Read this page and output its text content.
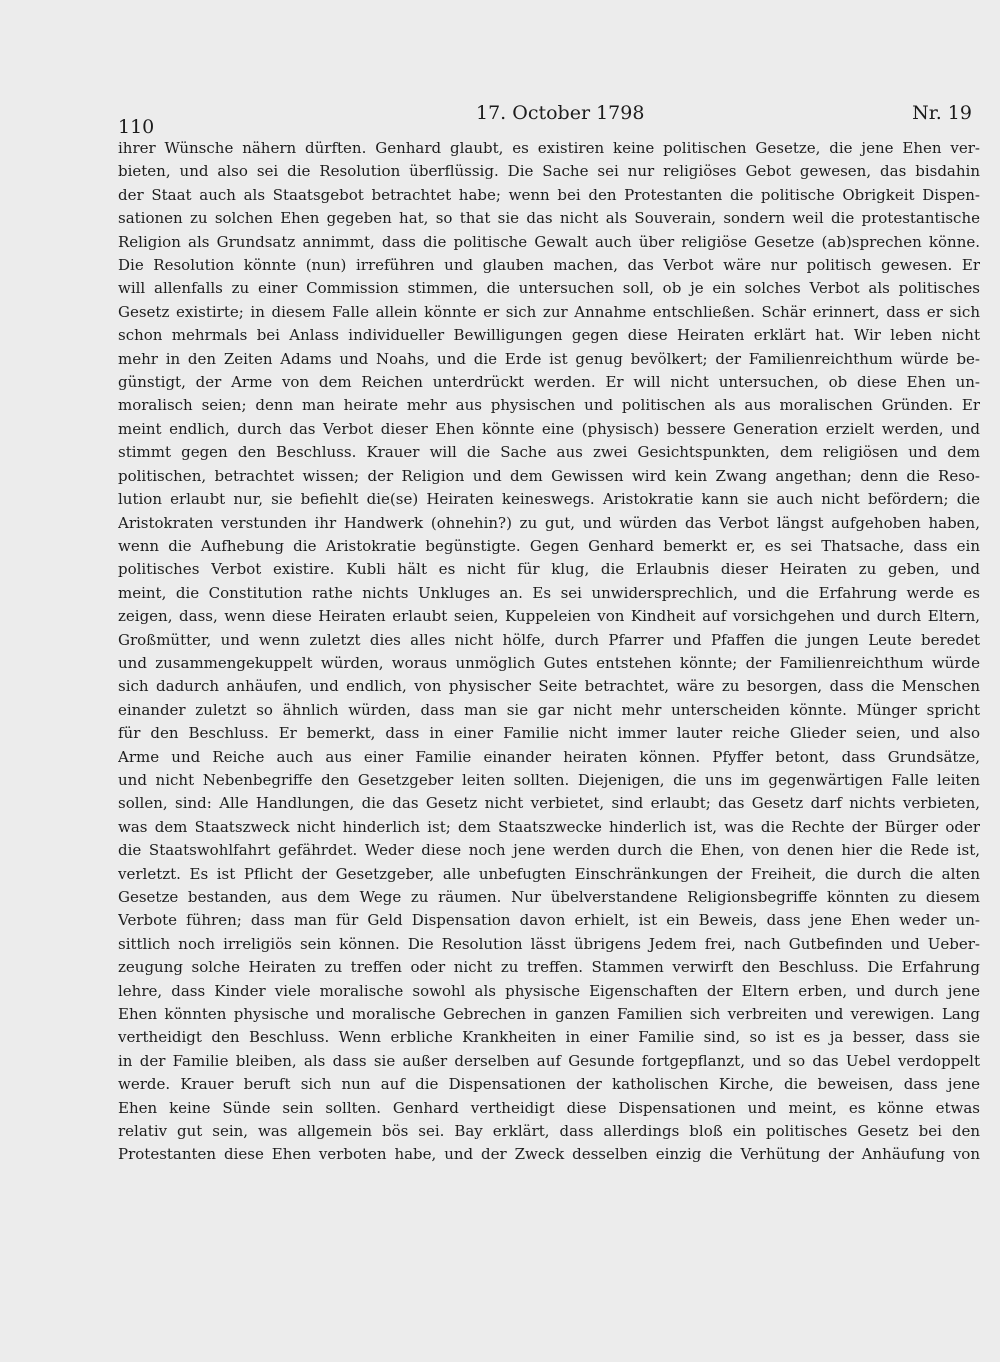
110
17. October 1798	Nr. 19
ihrer Wünsche nähern dürften. Genhard glaubt, es existiren keine politischen Gesetze, die jene Ehen ver-
bieten, und also sei die Resolution überflüssig. Die Sache sei nur religiöses Gebot gewesen, das bisdahin
der Staat auch als Staatsgebot betrachtet habe; wenn bei den Protestanten die politische Obrigkeit Dispen-
sationen zu solchen Ehen gegeben hat, so that sie das nicht als Souverain, sondern weil die protestantische
Religion als Grundsatz annimmt, dass die politische Gewalt auch über religiöse Gesetze (ab)sprechen könne.
Die Resolution könnte (nun) irreführen und glauben machen, das Verbot wäre nur politisch gewesen. Er
will allenfalls zu einer Commission stimmen, die untersuchen soll, ob je ein solches Verbot als politisches
Gesetz existirte; in diesem Falle allein könnte er sich zur Annahme entschließen. Schär erinnert, dass er sich
schon mehrmals bei Anlass individueller Bewilligungen gegen diese Heiraten erklärt hat. Wir leben nicht
mehr in den Zeiten Adams und Noahs, und die Erde ist genug bevölkert; der Familienreichthum würde be-
günstigt, der Arme von dem Reichen unterdrückt werden. Er will nicht untersuchen, ob diese Ehen un-
moralisch seien; denn man heirate mehr aus physischen und politischen als aus moralischen Gründen. Er
meint endlich, durch das Verbot dieser Ehen könnte eine (physisch) bessere Generation erzielt werden, und
stimmt gegen den Beschluss. Krauer will die Sache aus zwei Gesichtspunkten, dem religiösen und dem
politischen, betrachtet wissen; der Religion und dem Gewissen wird kein Zwang angethan; denn die Reso-
lution erlaubt nur, sie befiehlt die(se) Heiraten keineswegs. Aristokratie kann sie auch nicht befördern; die
Aristokraten verstunden ihr Handwerk (ohnehin?) zu gut, und würden das Verbot längst aufgehoben haben,
wenn die Aufhebung die Aristokratie begünstigte. Gegen Genhard bemerkt er, es sei Thatsache, dass ein
politisches Verbot existire. Kubli hält es nicht für klug, die Erlaubnis dieser Heiraten zu geben, und
meint, die Constitution rathe nichts Unkluges an. Es sei unwidersprechlich, und die Erfahrung werde es
zeigen, dass, wenn diese Heiraten erlaubt seien, Kuppeleien von Kindheit auf vorsichgehen und durch Eltern,
Großmütter, und wenn zuletzt dies alles nicht hölfe, durch Pfarrer und Pfaffen die jungen Leute beredet
und zusammengekuppelt würden, woraus unmöglich Gutes entstehen könnte; der Familienreichthum würde
sich dadurch anhäufen, und endlich, von physischer Seite betrachtet, wäre zu besorgen, dass die Menschen
einander zuletzt so ähnlich würden, dass man sie gar nicht mehr unterscheiden könnte. Münger spricht
für den Beschluss. Er bemerkt, dass in einer Familie nicht immer lauter reiche Glieder seien, und also
Arme und Reiche auch aus einer Familie einander heiraten können. Pfyffer betont, dass Grundsätze,
und nicht Nebenbegriffe den Gesetzgeber leiten sollten. Diejenigen, die uns im gegenwärtigen Falle leiten
sollen, sind: Alle Handlungen, die das Gesetz nicht verbietet, sind erlaubt; das Gesetz darf nichts verbieten,
was dem Staatszweck nicht hinderlich ist; dem Staatszwecke hinderlich ist, was die Rechte der Bürger oder
die Staatswohlfahrt gefährdet. Weder diese noch jene werden durch die Ehen, von denen hier die Rede ist,
verletzt. Es ist Pflicht der Gesetzgeber, alle unbefugten Einschränkungen der Freiheit, die durch die alten
Gesetze bestanden, aus dem Wege zu räumen. Nur übelverstandene Religionsbegriffe könnten zu diesem
Verbote führen; dass man für Geld Dispensation davon erhielt, ist ein Beweis, dass jene Ehen weder un-
sittlich noch irreligiös sein können. Die Resolution lässt übrigens Jedem frei, nach Gutbefinden und Ueber-
zeugung solche Heiraten zu treffen oder nicht zu treffen. Stammen verwirft den Beschluss. Die Erfahrung
lehre, dass Kinder viele moralische sowohl als physische Eigenschaften der Eltern erben, und durch jene
Ehen könnten physische und moralische Gebrechen in ganzen Familien sich verbreiten und verewigen. Lang
vertheidigt den Beschluss. Wenn erbliche Krankheiten in einer Familie sind, so ist es ja besser, dass sie
in der Familie bleiben, als dass sie außer derselben auf Gesunde fortgepflanzt, und so das Uebel verdoppelt
werde. Krauer beruft sich nun auf die Dispensationen der katholischen Kirche, die beweisen, dass jene
Ehen keine Sünde sein sollten. Genhard vertheidigt diese Dispensationen und meint, es könne etwas
relativ gut sein, was allgemein bös sei. Bay erklärt, dass allerdings bloß ein politisches Gesetz bei den
Protestanten diese Ehen verboten habe, und der Zweck desselben einzig die Verhütung der Anhäufung von
